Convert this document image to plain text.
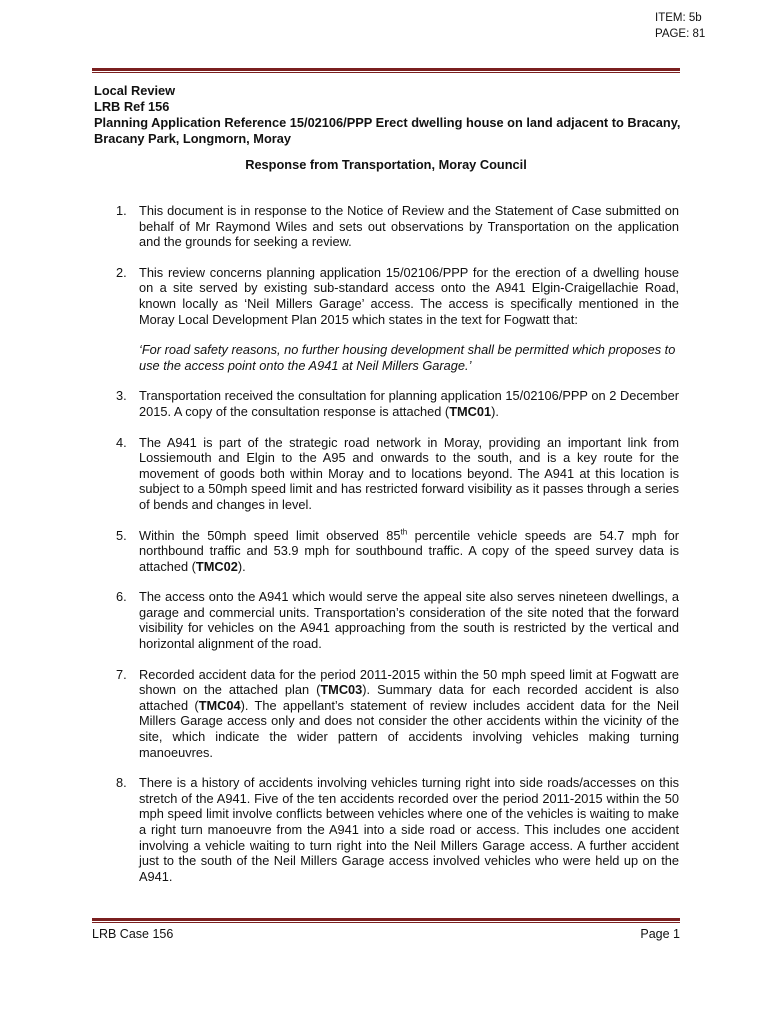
ITEM: 5b
PAGE: 81
Local Review
LRB Ref 156
Planning Application Reference 15/02106/PPP Erect dwelling house on land adjacent to Bracany, Bracany Park, Longmorn, Moray
Response from Transportation, Moray Council
1. This document is in response to the Notice of Review and the Statement of Case submitted on behalf of Mr Raymond Wiles and sets out observations by Transportation on the application and the grounds for seeking a review.
2. This review concerns planning application 15/02106/PPP for the erection of a dwelling house on a site served by existing sub-standard access onto the A941 Elgin-Craigellachie Road, known locally as ‘Neil Millers Garage’ access. The access is specifically mentioned in the Moray Local Development Plan 2015 which states in the text for Fogwatt that:
‘For road safety reasons, no further housing development shall be permitted which proposes to use the access point onto the A941 at Neil Millers Garage.’
3. Transportation received the consultation for planning application 15/02106/PPP on 2 December 2015. A copy of the consultation response is attached (TMC01).
4. The A941 is part of the strategic road network in Moray, providing an important link from Lossiemouth and Elgin to the A95 and onwards to the south, and is a key route for the movement of goods both within Moray and to locations beyond. The A941 at this location is subject to a 50mph speed limit and has restricted forward visibility as it passes through a series of bends and changes in level.
5. Within the 50mph speed limit observed 85th percentile vehicle speeds are 54.7 mph for northbound traffic and 53.9 mph for southbound traffic. A copy of the speed survey data is attached (TMC02).
6. The access onto the A941 which would serve the appeal site also serves nineteen dwellings, a garage and commercial units. Transportation’s consideration of the site noted that the forward visibility for vehicles on the A941 approaching from the south is restricted by the vertical and horizontal alignment of the road.
7. Recorded accident data for the period 2011-2015 within the 50 mph speed limit at Fogwatt are shown on the attached plan (TMC03). Summary data for each recorded accident is also attached (TMC04). The appellant’s statement of review includes accident data for the Neil Millers Garage access only and does not consider the other accidents within the vicinity of the site, which indicate the wider pattern of accidents involving vehicles making turning manoeuvres.
8. There is a history of accidents involving vehicles turning right into side roads/accesses on this stretch of the A941. Five of the ten accidents recorded over the period 2011-2015 within the 50 mph speed limit involve conflicts between vehicles where one of the vehicles is waiting to make a right turn manoeuvre from the A941 into a side road or access. This includes one accident involving a vehicle waiting to turn right into the Neil Millers Garage access. A further accident just to the south of the Neil Millers Garage access involved vehicles who were held up on the A941.
LRB Case 156	Page 1
